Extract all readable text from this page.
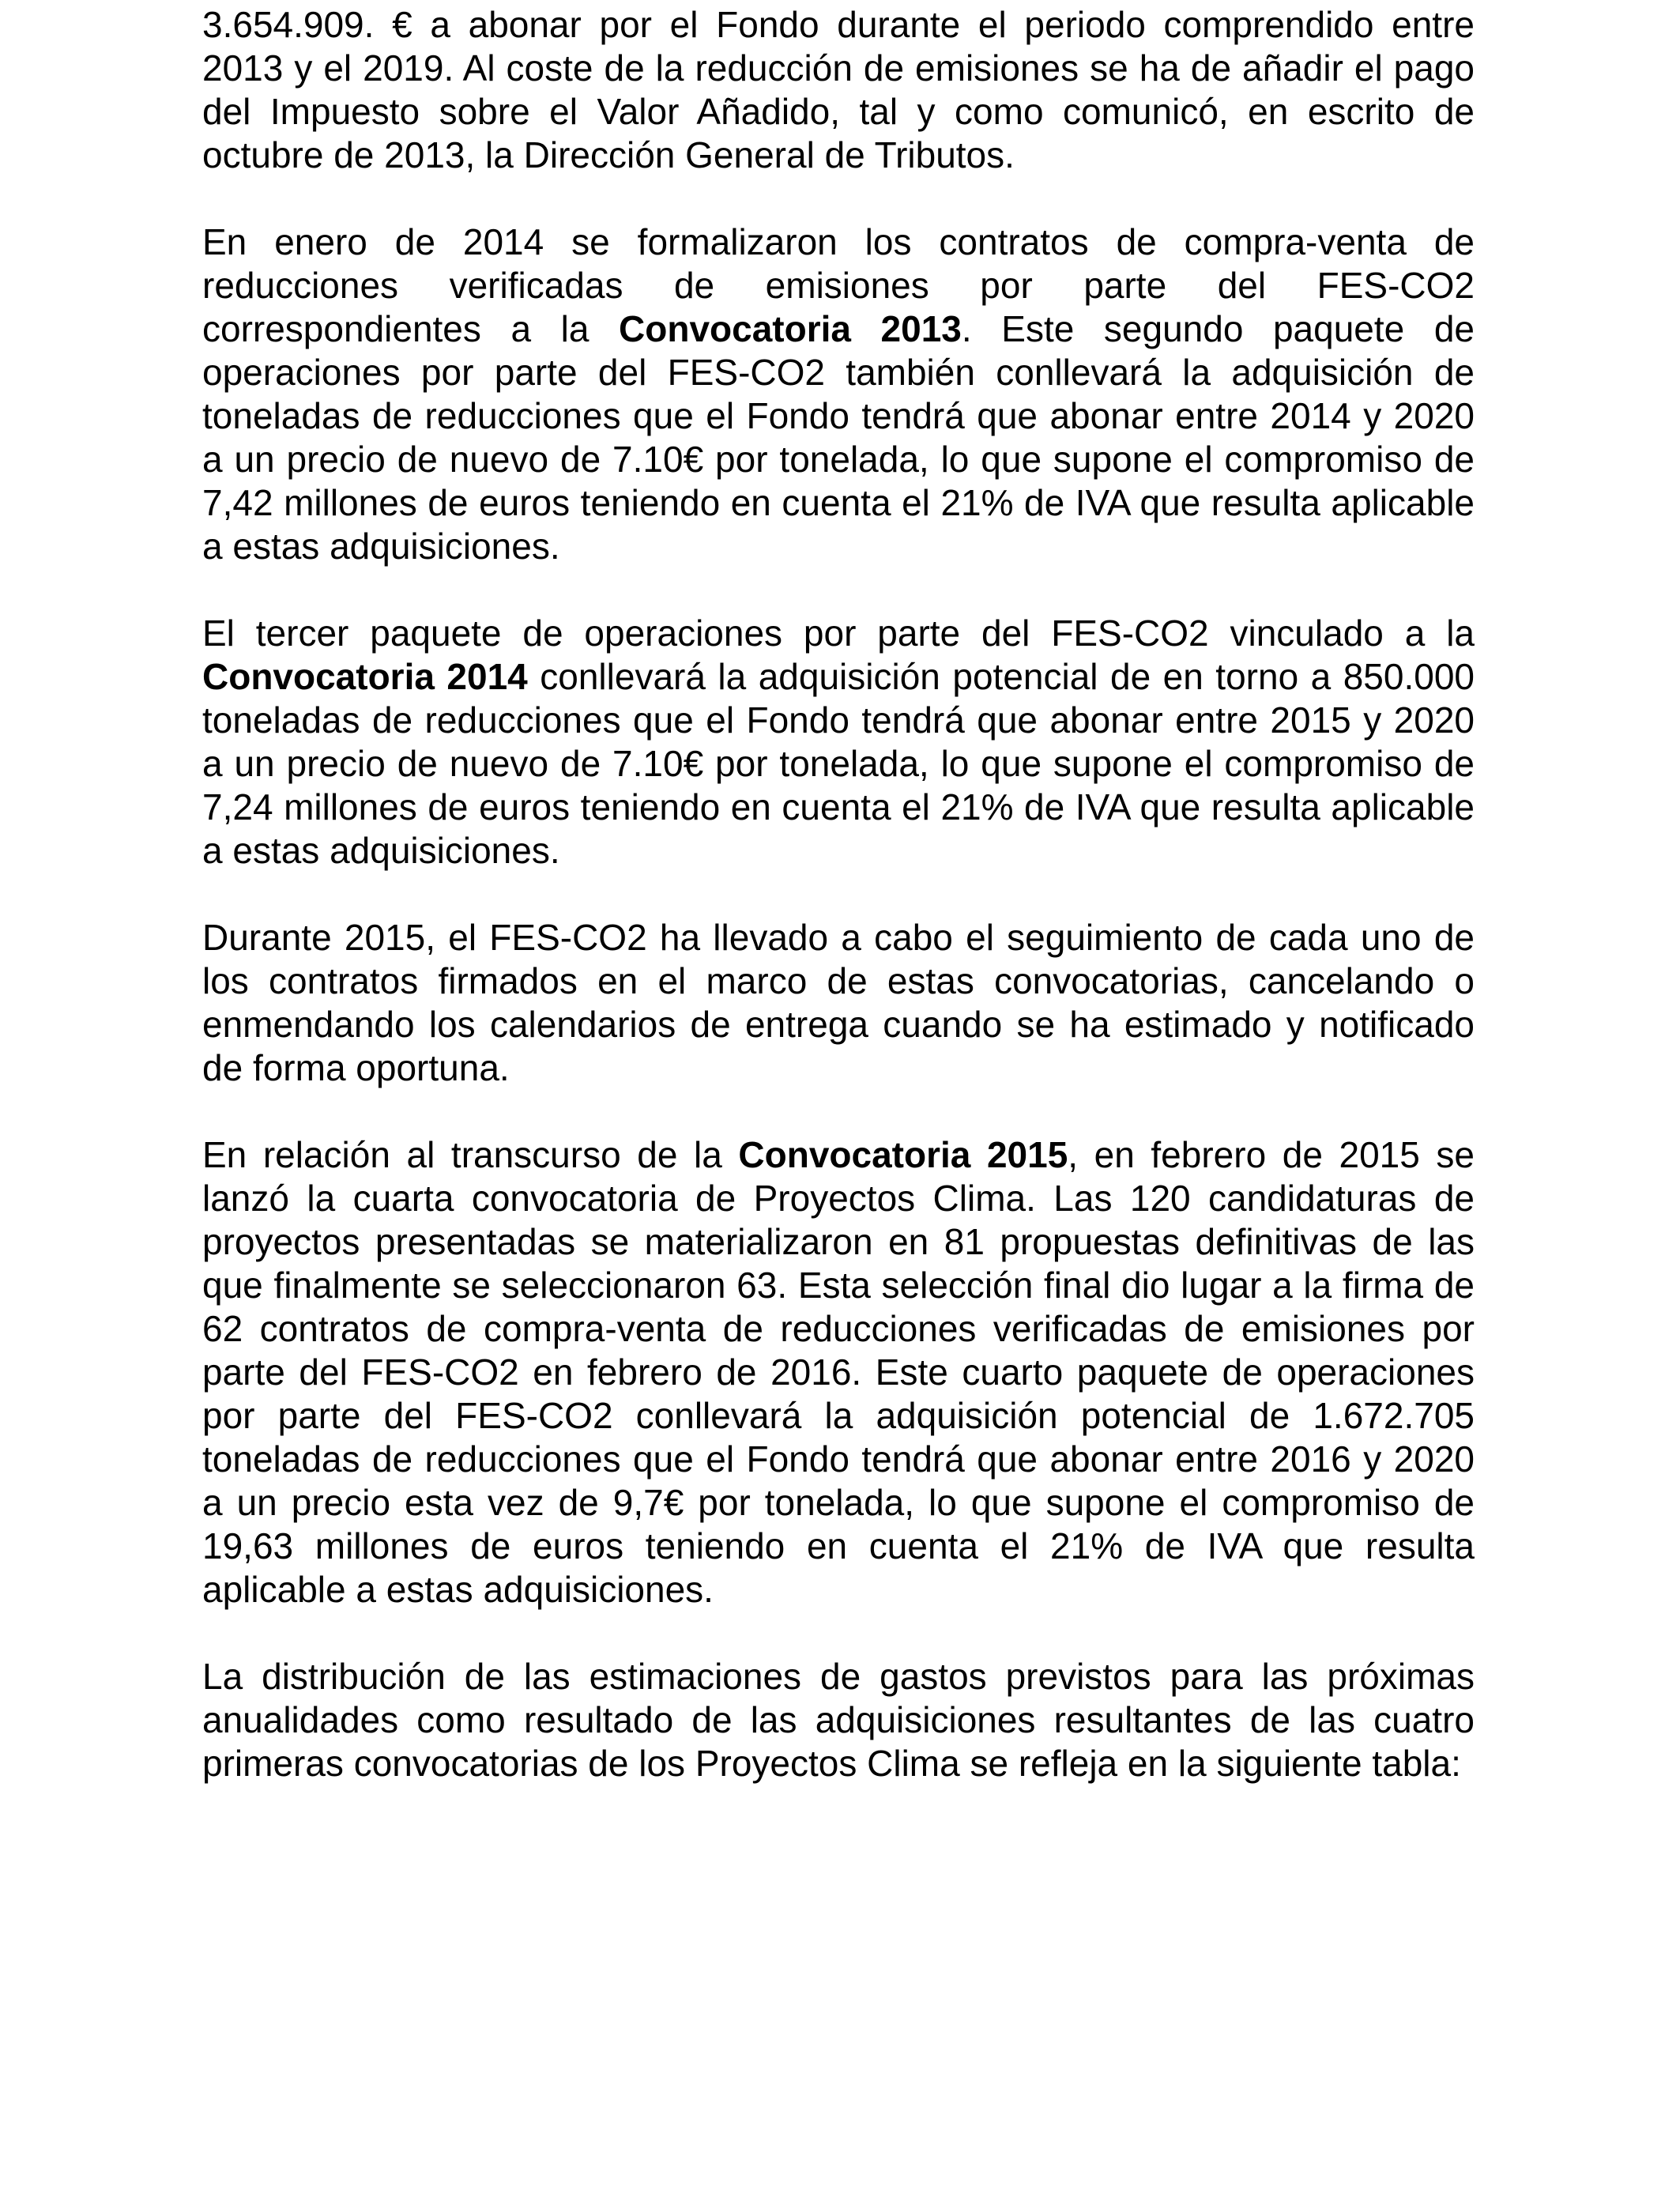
3.654.909. € a abonar por el Fondo durante el periodo comprendido entre 2013 y el 2019. Al coste de la reducción de emisiones se ha de añadir el pago del Impuesto sobre el Valor Añadido, tal y como comunicó, en escrito de octubre de 2013, la Dirección General de Tributos.

En enero de 2014 se formalizaron los contratos de compra-venta de reducciones verificadas de emisiones por parte del FES-CO2 correspondientes a la Convocatoria 2013. Este segundo paquete de operaciones por parte del FES-CO2 también conllevará la adquisición de toneladas de reducciones que el Fondo tendrá que abonar entre 2014 y 2020 a un precio de nuevo de 7.10€ por tonelada, lo que supone el compromiso de 7,42 millones de euros teniendo en cuenta el 21% de IVA que resulta aplicable a estas adquisiciones.

El tercer paquete de operaciones por parte del FES-CO2 vinculado a la Convocatoria 2014 conllevará la adquisición potencial de en torno a 850.000 toneladas de reducciones que el Fondo tendrá que abonar entre 2015 y 2020 a un precio de nuevo de 7.10€ por tonelada, lo que supone el compromiso de 7,24 millones de euros teniendo en cuenta el 21% de IVA que resulta aplicable a estas adquisiciones.

Durante 2015, el FES-CO2 ha llevado a cabo el seguimiento de cada uno de los contratos firmados en el marco de estas convocatorias, cancelando o enmendando los calendarios de entrega cuando se ha estimado y notificado de forma oportuna.

En relación al transcurso de la Convocatoria 2015, en febrero de 2015 se lanzó la cuarta convocatoria de Proyectos Clima. Las 120 candidaturas de proyectos presentadas se materializaron en 81 propuestas definitivas de las que finalmente se seleccionaron 63. Esta selección final dio lugar a la firma de 62 contratos de compra-venta de reducciones verificadas de emisiones por parte del FES-CO2 en febrero de 2016. Este cuarto paquete de operaciones por parte del FES-CO2 conllevará la adquisición potencial de 1.672.705 toneladas de reducciones que el Fondo tendrá que abonar entre 2016 y 2020 a un precio esta vez de 9,7€ por tonelada, lo que supone el compromiso de 19,63 millones de euros teniendo en cuenta el 21% de IVA que resulta aplicable a estas adquisiciones.

La distribución de las estimaciones de gastos previstos para las próximas anualidades como resultado de las adquisiciones resultantes de las cuatro primeras convocatorias de los Proyectos Clima se refleja en la siguiente tabla:
